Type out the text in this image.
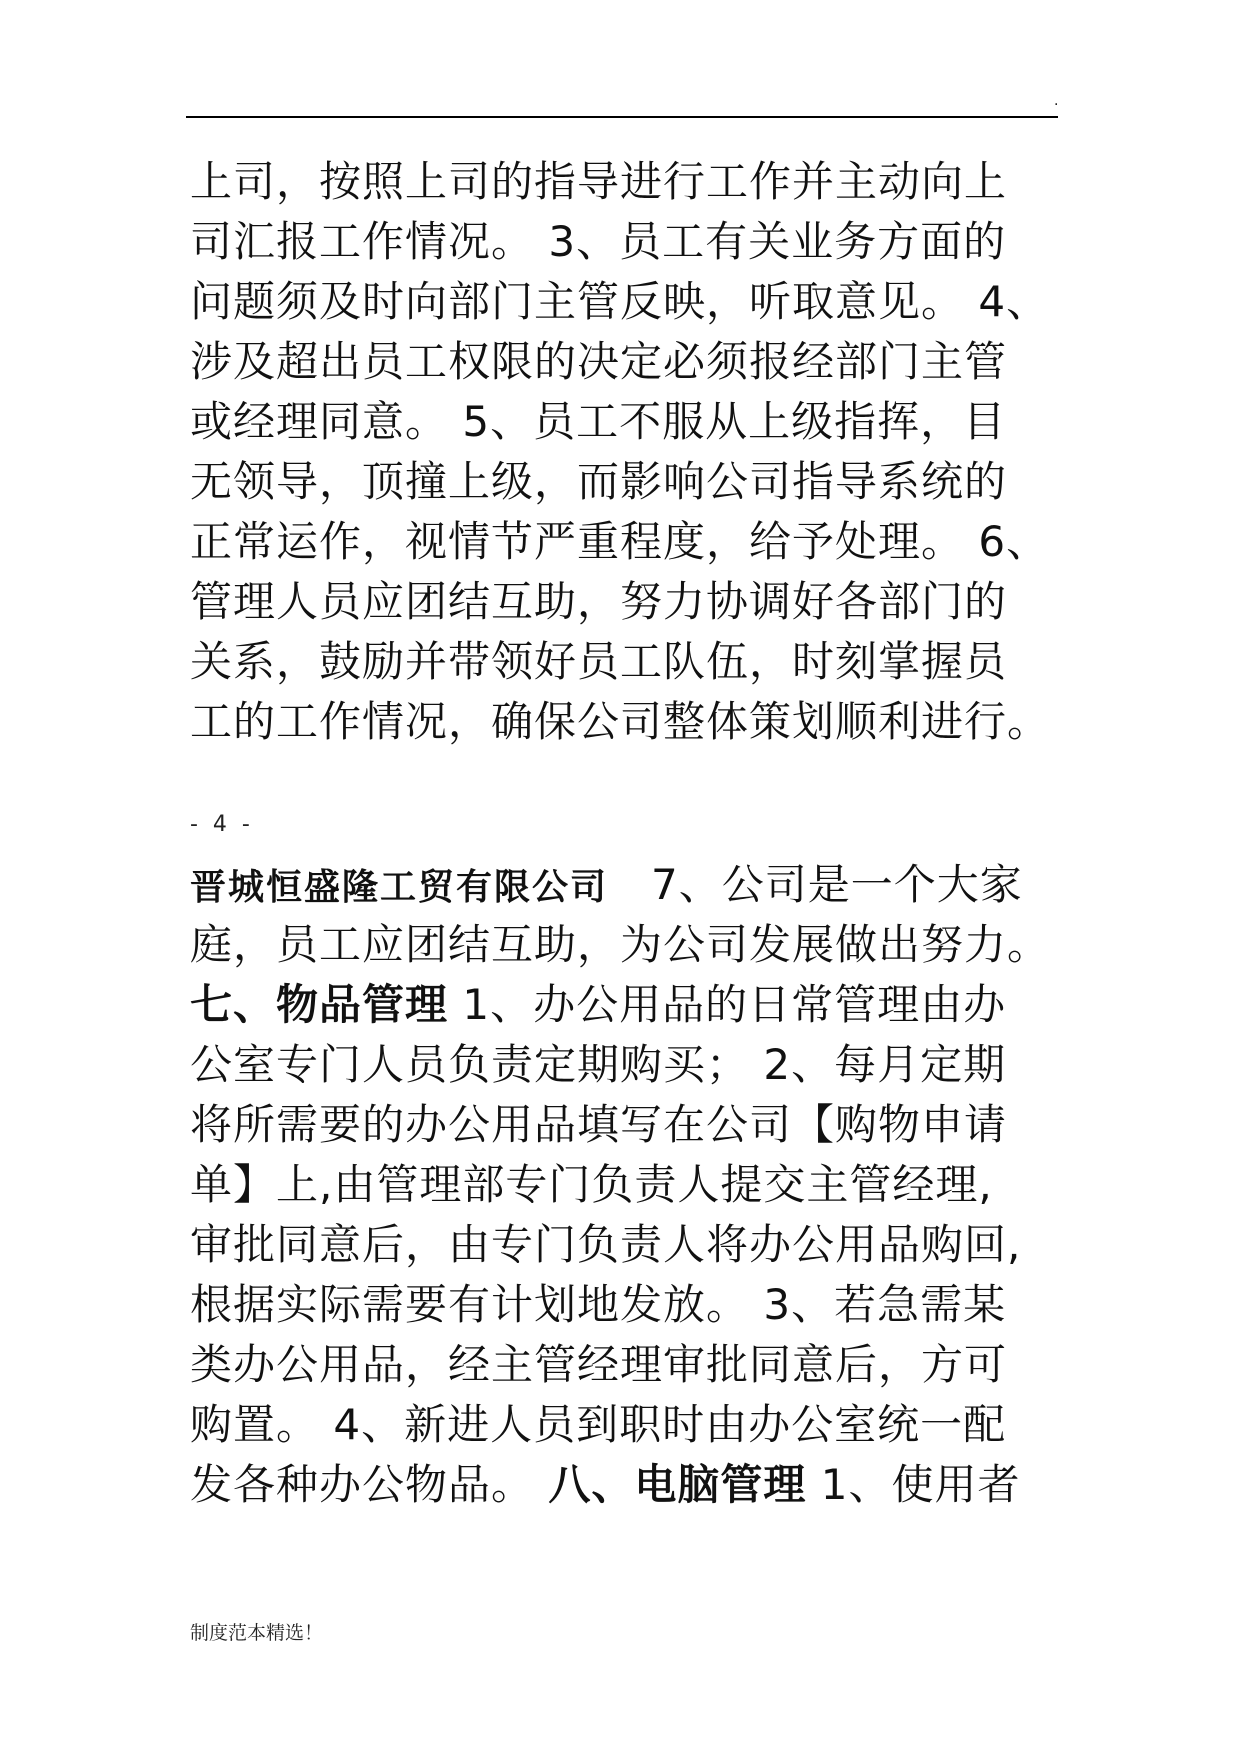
.
上司，按照上司的指导进行工作并主动向上
司汇报工作情况。 3、员工有关业务方面的
问题须及时向部门主管反映，听取意见。 4、
涉及超出员工权限的决定必须报经部门主管
或经理同意。 5、员工不服从上级指挥，目
无领导，顶撞上级，而影响公司指导系统的
正常运作，视情节严重程度，给予处理。 6、
管理人员应团结互助，努力协调好各部门的
关系，鼓励并带领好员工队伍，时刻掌握员
工的工作情况，确保公司整体策划顺利进行。
- 4 -
晋城恒盛隆工贸有限公司　7、公司是一个大家
庭，员工应团结互助，为公司发展做出努力。
七、物品管理 1、办公用品的日常管理由办
公室专门人员负责定期购买； 2、每月定期
将所需要的办公用品填写在公司【购物申请
单】上,由管理部专门负责人提交主管经理,
审批同意后，由专门负责人将办公用品购回,
根据实际需要有计划地发放。 3、若急需某
类办公用品，经主管经理审批同意后，方可
购置。 4、新进人员到职时由办公室统一配
发各种办公物品。 八、电脑管理 1、使用者
制度范本精选！
